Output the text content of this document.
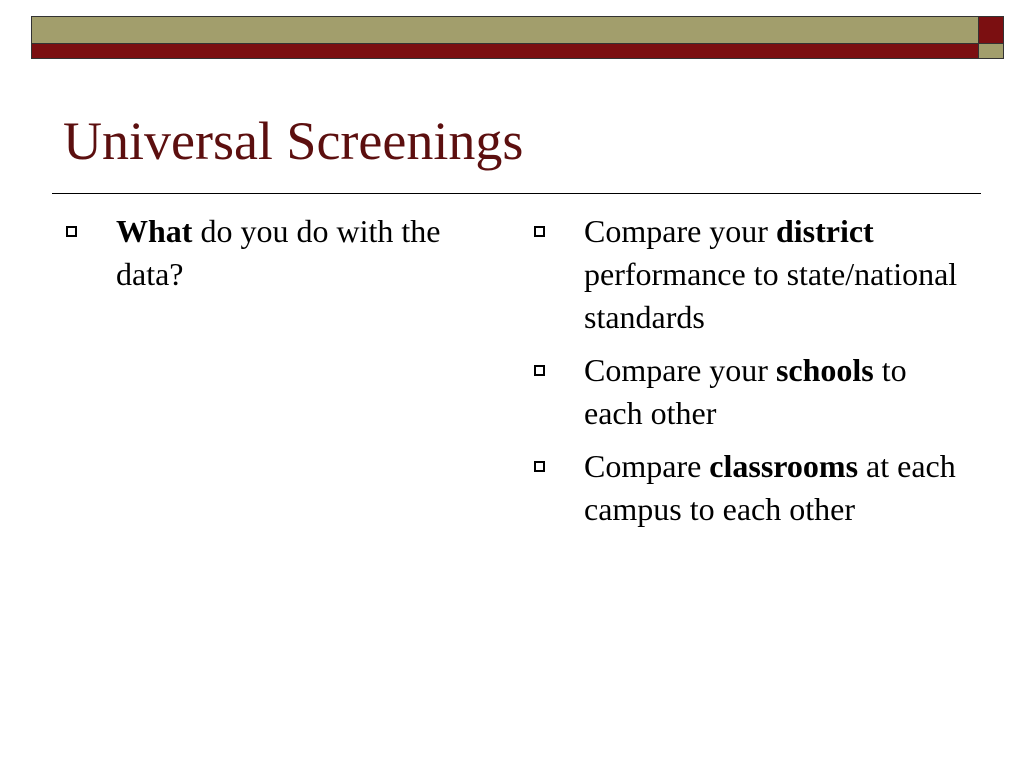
Universal Screenings
What do you do with the data?
Compare your district performance to state/national standards
Compare your schools to each other
Compare classrooms at each campus to each other
